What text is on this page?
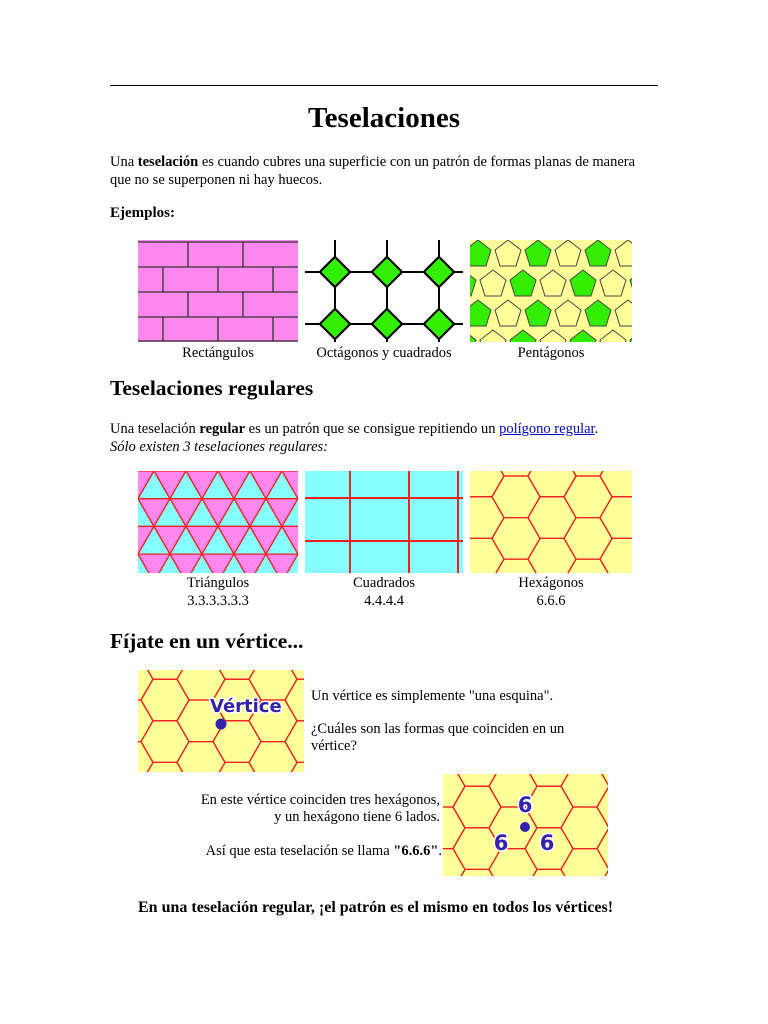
Teselaciones
Una teselación es cuando cubres una superficie con un patrón de formas planas de manera que no se superponen ni hay huecos.
Ejemplos:
Rectángulos	Octágonos y cuadrados	Pentágonos
Teselaciones regulares
Una teselación regular es un patrón que se consigue repitiendo un polígono regular.
Sólo existen 3 teselaciones regulares:
Triángulos
3.3.3.3.3.3
Cuadrados
4.4.4.4
Hexágonos
6.6.6
Fíjate en un vértice...
Vértice Un vértice es simplemente "una esquina".
¿Cuáles son las formas que coinciden en un vértice?
En este vértice coinciden tres hexágonos,
y un hexágono tiene 6 lados.
Así que esta teselación se llama "6.6.6".
6
6 6
En una teselación regular, ¡el patrón es el mismo en todos los vértices!
